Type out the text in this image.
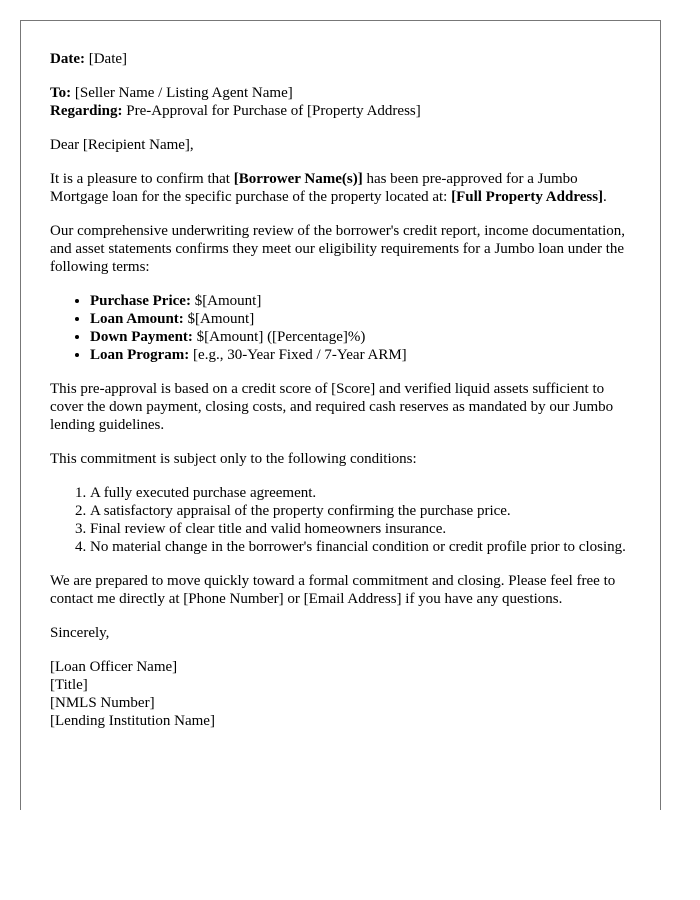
Date: [Date]

To: [Seller Name / Listing Agent Name]

Regarding: Pre-Approval for Purchase of [Property Address]

Dear [Recipient Name],

It is a pleasure to confirm that [Borrower Name(s)] has been pre-approved for a Jumbo Mortgage loan for the specific purchase of the property located at: [Full Property Address].

Our comprehensive underwriting review of the borrower's credit report, income documentation, and asset statements confirms they meet our eligibility requirements for a Jumbo loan under the following terms:

• Purchase Price: $[Amount]
• Loan Amount: $[Amount]
• Down Payment: $[Amount] ([Percentage]%)
• Loan Program: [e.g., 30-Year Fixed / 7-Year ARM]

This pre-approval is based on a credit score of [Score] and verified liquid assets sufficient to cover the down payment, closing costs, and required cash reserves as mandated by our Jumbo lending guidelines.

This commitment is subject only to the following conditions:

1. A fully executed purchase agreement.
2. A satisfactory appraisal of the property confirming the purchase price.
3. Final review of clear title and valid homeowners insurance.
4. No material change in the borrower's financial condition or credit profile prior to closing.

We are prepared to move quickly toward a formal commitment and closing. Please feel free to contact me directly at [Phone Number] or [Email Address] if you have any questions.

Sincerely,

[Loan Officer Name]
[Title]
[NMLS Number]
[Lending Institution Name]
